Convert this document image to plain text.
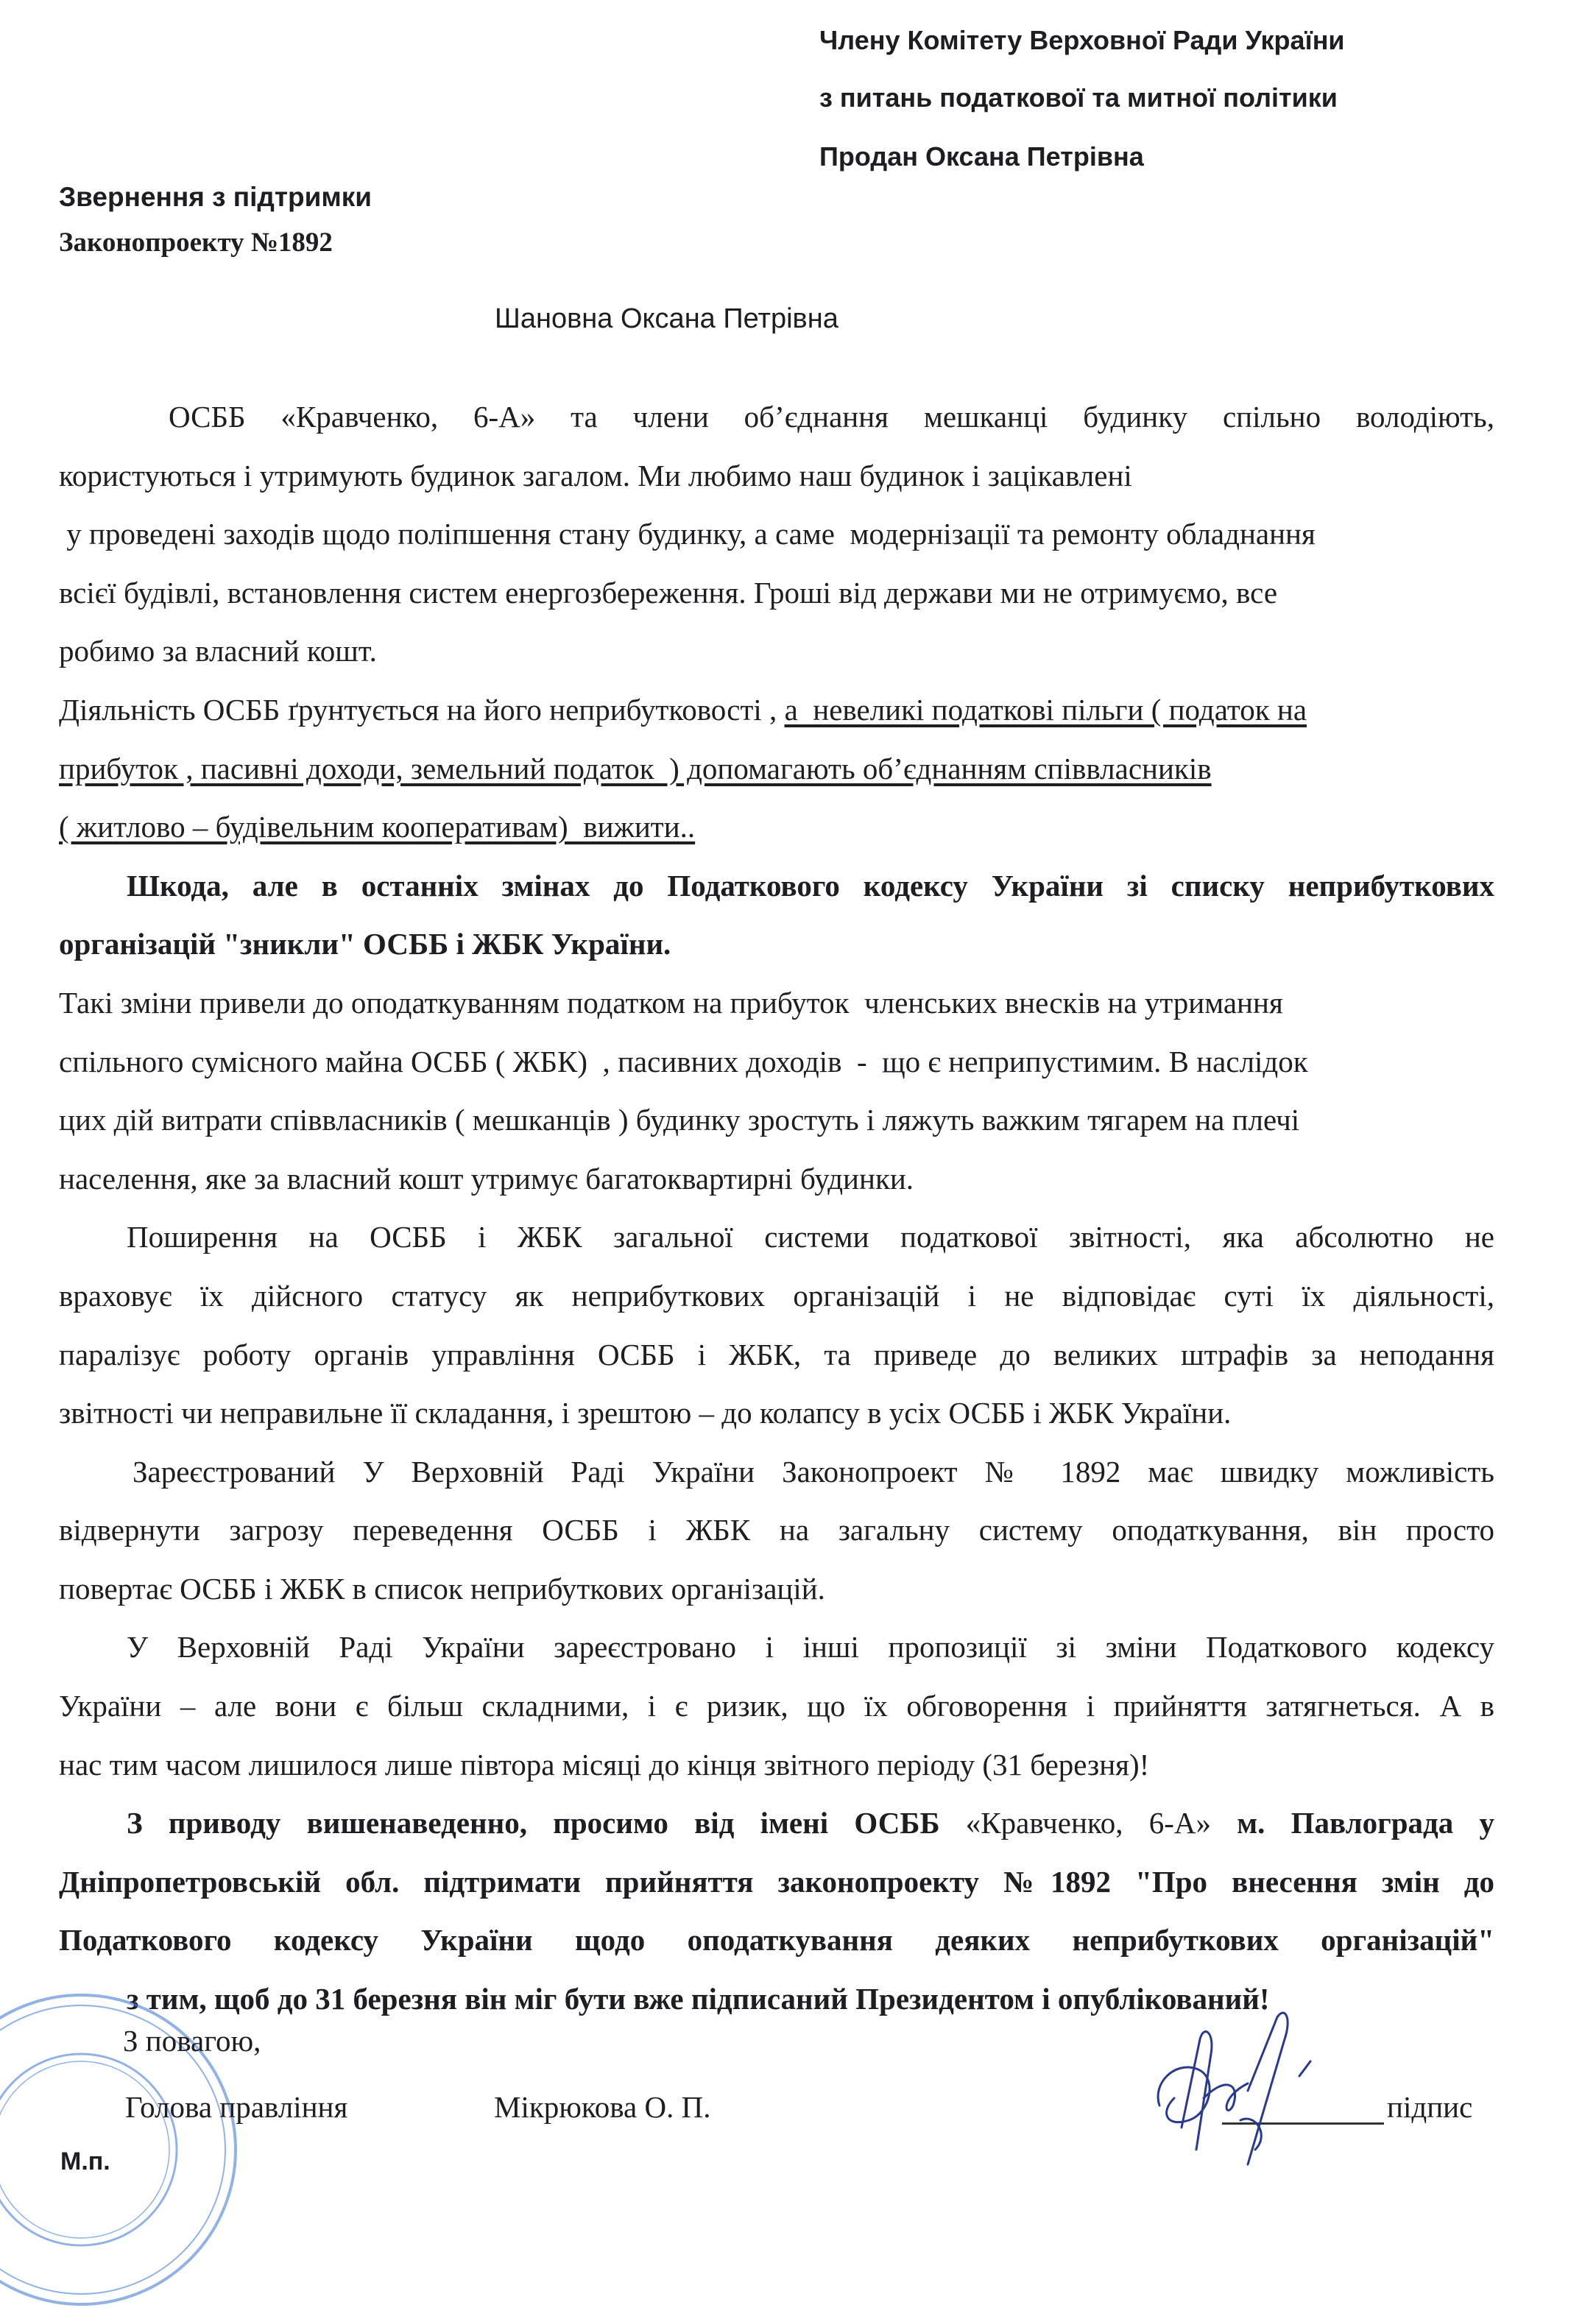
Члену Комітету Верховної Ради України
з питань податкової та митної політики
Продан Оксана Петрівна
Звернення з підтримки
Законопроекту №1892
Шановна Оксана Петрівна
ОСББ «Кравченко, 6-А» та члени об’єднання мешканці будинку спільно володіють,
користуються і утримують будинок загалом. Ми любимо наш будинок і зацікавлені
у проведені заходів щодо поліпшення стану будинку, а саме  модернізації та ремонту обладнання
всієї будівлі, встановлення систем енергозбереження. Гроші від держави ми не отримуємо, все
робимо за власний кошт.
Діяльність ОСББ ґрунтується на його неприбутковості , а  невеликі податкові пільги ( податок на
прибуток , пасивні доходи, земельний податок  ) допомагають об’єднанням співвласників
( житлово – будівельним кооперативам)  вижити..
Шкода, але в останніх змінах до Податкового кодексу України зі списку неприбуткових
організацій "зникли" ОСББ і ЖБК України.
Такі зміни привели до оподаткуванням податком на прибуток  членських внесків на утримання
спільного сумісного майна ОСББ ( ЖБК)  , пасивних доходів  -  що є неприпустимим. В наслідок
цих дій витрати співвласників ( мешканців ) будинку зростуть і ляжуть важким тягарем на плечі
населення, яке за власний кошт утримує багатоквартирні будинки.
Поширення на ОСББ і ЖБК загальної системи податкової звітності, яка абсолютно не
враховує їх дійсного статусу як неприбуткових організацій і не відповідає суті їх діяльності,
паралізує роботу органів управління ОСББ і ЖБК, та приведе до великих штрафів за неподання
звітності чи неправильне її складання, і зрештою – до колапсу в усіх ОСББ і ЖБК України.
Зареєстрований У Верховній Раді України Законопроект № 1892 має швидку можливість
відвернути загрозу переведення ОСББ і ЖБК на загальну систему оподаткування, він просто
повертає ОСББ і ЖБК в список неприбуткових організацій.
У Верховній Раді України зареєстровано і інші пропозиції зі зміни Податкового кодексу
України – але вони є більш складними, і є ризик, що їх обговорення і прийняття затягнеться. А в
нас тим часом лишилося лише півтора місяці до кінця звітного періоду (31 березня)!
З приводу вишенаведенно, просимо від імені ОСББ «Кравченко, 6-А» м. Павлограда у
Дніпропетровській обл. підтримати прийняття законопроекту №1892 "Про внесення змін до
Податкового кодексу України щодо оподаткування деяких неприбуткових організацій"
з тим, щоб до 31 березня він міг бути вже підписаний Президентом і опублікований!
З повагою,
Голова правління	Мікрюкова О. П.	підпис
М.п.
